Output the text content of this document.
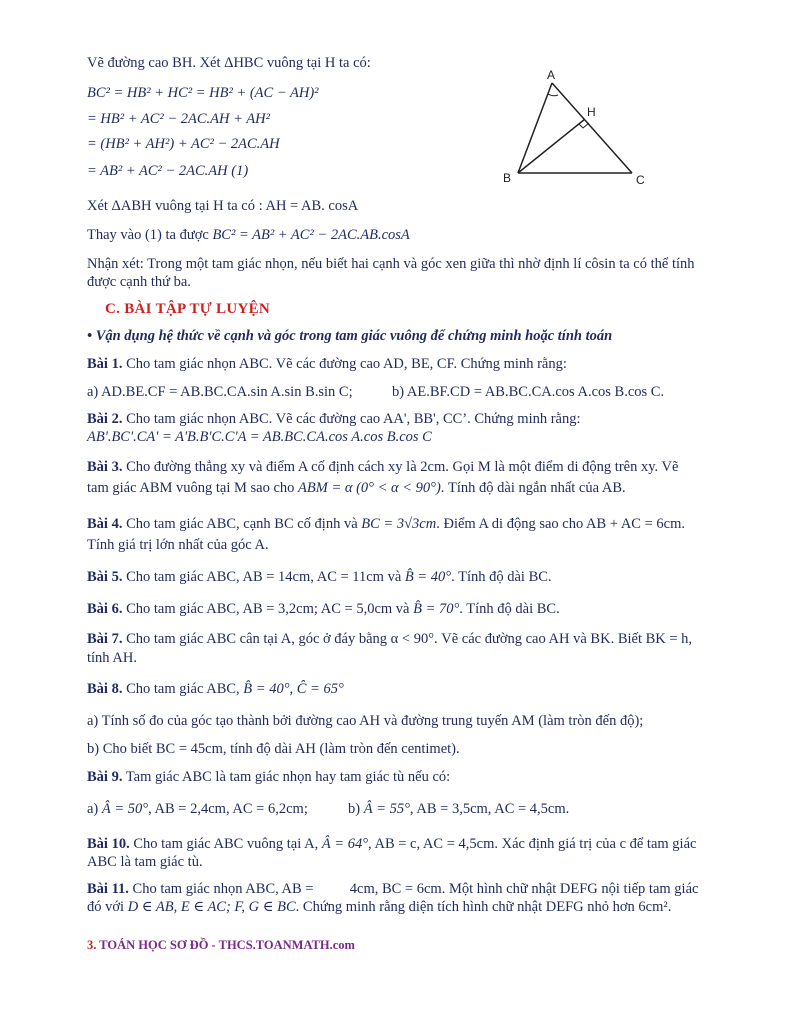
Vẽ đường cao BH. Xét ΔHBC vuông tại H ta có:
BC² = HB² + HC² = HB² + (AC − AH)²
= HB² + AC² − 2AC.AH + AH²
= (HB² + AH²) + AC² − 2AC.AH
= AB² + AC² − 2AC.AH (1)
A
B	C
H
Xét ΔABH vuông tại H ta có : AH = AB. cosA
Thay vào (1) ta được BC² = AB² + AC² − 2AC.AB.cosA
Nhận xét: Trong một tam giác nhọn, nếu biết hai cạnh và góc xen giữa thì nhờ định lí côsin ta có thể tính
được cạnh thứ ba.
C. BÀI TẬP TỰ LUYỆN
• Vận dụng hệ thức về cạnh và góc trong tam giác vuông để chứng minh hoặc tính toán
Bài 1. Cho tam giác nhọn ABC. Vẽ các đường cao AD, BE, CF. Chứng minh rằng:
a) AD.BE.CF = AB.BC.CA.sin A.sin B.sin C;	b) AE.BF.CD = AB.BC.CA.cos A.cos B.cos C.
Bài 2. Cho tam giác nhọn ABC. Vẽ các đường cao AA', BB', CC’. Chứng minh rằng:
AB'.BC'.CA' = A'B.B'C.C'A = AB.BC.CA.cos A.cos B.cos C
Bài 3. Cho đường thẳng xy và điểm A cố định cách xy là 2cm. Gọi M là một điểm di động trên xy. Vẽ
tam giác ABM vuông tại M sao cho ABM = α (0° < α < 90°). Tính độ dài ngắn nhất của AB.
Bài 4. Cho tam giác ABC, cạnh BC cố định và BC = 3√3cm. Điểm A di động sao cho AB + AC = 6cm.
Tính giá trị lớn nhất của góc A.
Bài 5. Cho tam giác ABC, AB = 14cm, AC = 11cm và B̂ = 40°. Tính độ dài BC.
Bài 6. Cho tam giác ABC, AB = 3,2cm; AC = 5,0cm và B̂ = 70°. Tính độ dài BC.
Bài 7. Cho tam giác ABC cân tại A, góc ở đáy bằng α < 90°. Vẽ các đường cao AH và BK. Biết BK = h,
tính AH.
Bài 8. Cho tam giác ABC, B̂ = 40°, Ĉ = 65°
a) Tính số đo của góc tạo thành bởi đường cao AH và đường trung tuyến AM (làm tròn đến độ);
b) Cho biết BC = 45cm, tính độ dài AH (làm tròn đến centimet).
Bài 9. Tam giác ABC là tam giác nhọn hay tam giác tù nếu có:
a) Â = 50°, AB = 2,4cm, AC = 6,2cm;	b) Â = 55°, AB = 3,5cm, AC = 4,5cm.
Bài 10. Cho tam giác ABC vuông tại A, Â = 64°, AB = c, AC = 4,5cm. Xác định giá trị của c để tam giác
ABC là tam giác tù.
Bài 11. Cho tam giác nhọn ABC, AB =          4cm, BC = 6cm. Một hình chữ nhật DEFG nội tiếp tam giác
đó với D ∈ AB, E ∈ AC; F, G ∈ BC. Chứng minh rằng diện tích hình chữ nhật DEFG nhỏ hơn 6cm².
3. TOÁN HỌC SƠ ĐỒ - THCS.TOANMATH.com
